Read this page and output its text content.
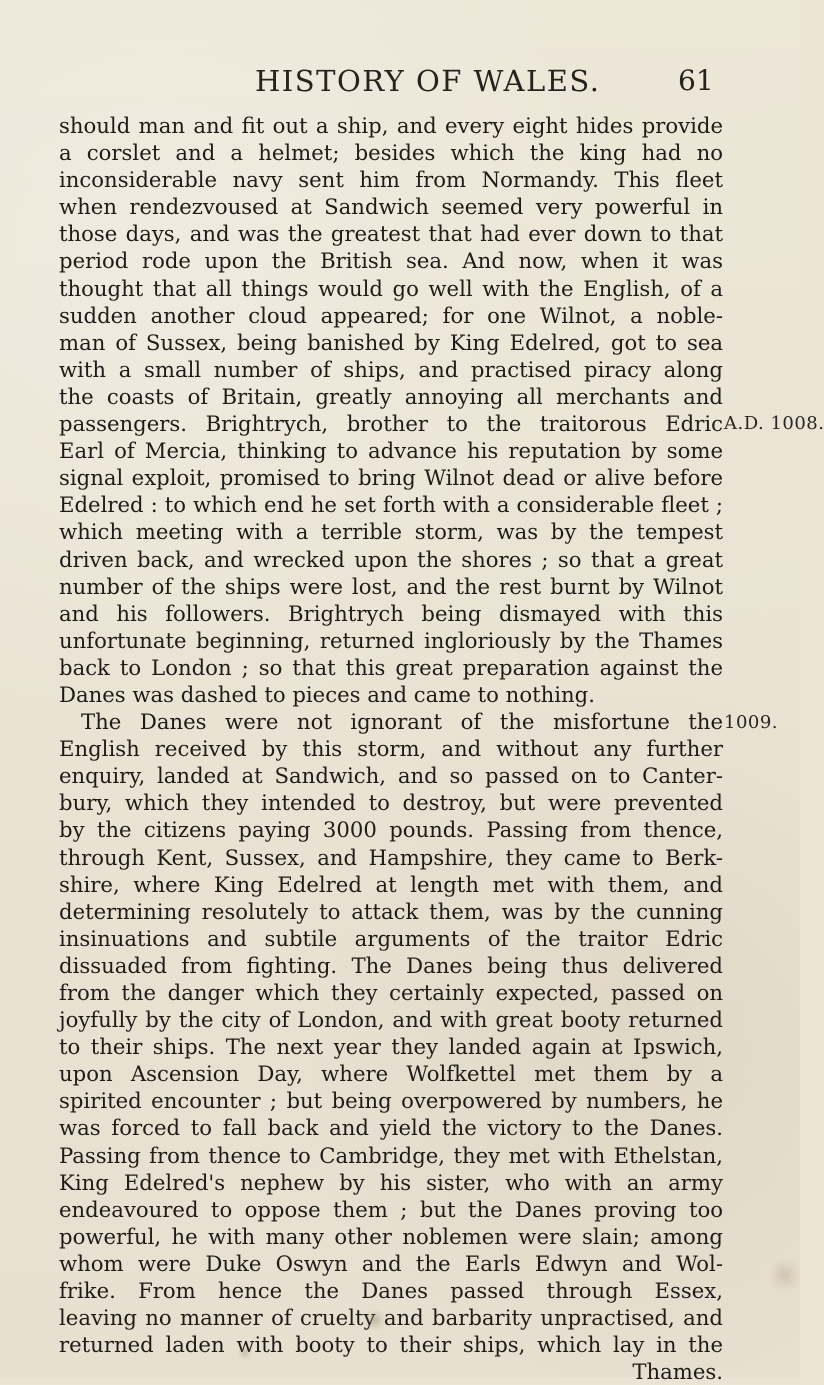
HISTORY OF WALES.	61
A.D. 1008.
1009.
should man and fit out a ship, and every eight hides provide
a corslet and a helmet; besides which the king had no
inconsiderable navy sent him from Normandy. This fleet
when rendezvoused at Sandwich seemed very powerful in
those days, and was the greatest that had ever down to that
period rode upon the British sea. And now, when it was
thought that all things would go well with the English, of a
sudden another cloud appeared; for one Wilnot, a noble-
man of Sussex, being banished by King Edelred, got to sea
with a small number of ships, and practised piracy along
the coasts of Britain, greatly annoying all merchants and
passengers. Brightrych, brother to the traitorous Edric
Earl of Mercia, thinking to advance his reputation by some
signal exploit, promised to bring Wilnot dead or alive before
Edelred : to which end he set forth with a considerable fleet ;
which meeting with a terrible storm, was by the tempest
driven back, and wrecked upon the shores ; so that a great
number of the ships were lost, and the rest burnt by Wilnot
and his followers. Brightrych being dismayed with this
unfortunate beginning, returned ingloriously by the Thames
back to London ; so that this great preparation against the
Danes was dashed to pieces and came to nothing.
The Danes were not ignorant of the misfortune the
English received by this storm, and without any further
enquiry, landed at Sandwich, and so passed on to Canter-
bury, which they intended to destroy, but were prevented
by the citizens paying 3000 pounds. Passing from thence,
through Kent, Sussex, and Hampshire, they came to Berk-
shire, where King Edelred at length met with them, and
determining resolutely to attack them, was by the cunning
insinuations and subtile arguments of the traitor Edric
dissuaded from fighting. The Danes being thus delivered
from the danger which they certainly expected, passed on
joyfully by the city of London, and with great booty returned
to their ships. The next year they landed again at Ipswich,
upon Ascension Day, where Wolfkettel met them by a
spirited encounter ; but being overpowered by numbers, he
was forced to fall back and yield the victory to the Danes.
Passing from thence to Cambridge, they met with Ethelstan,
King Edelred's nephew by his sister, who with an army
endeavoured to oppose them ; but the Danes proving too
powerful, he with many other noblemen were slain; among
whom were Duke Oswyn and the Earls Edwyn and Wol-
frike. From hence the Danes passed through Essex,
leaving no manner of cruelty and barbarity unpractised, and
returned laden with booty to their ships, which lay in the
Thames.
